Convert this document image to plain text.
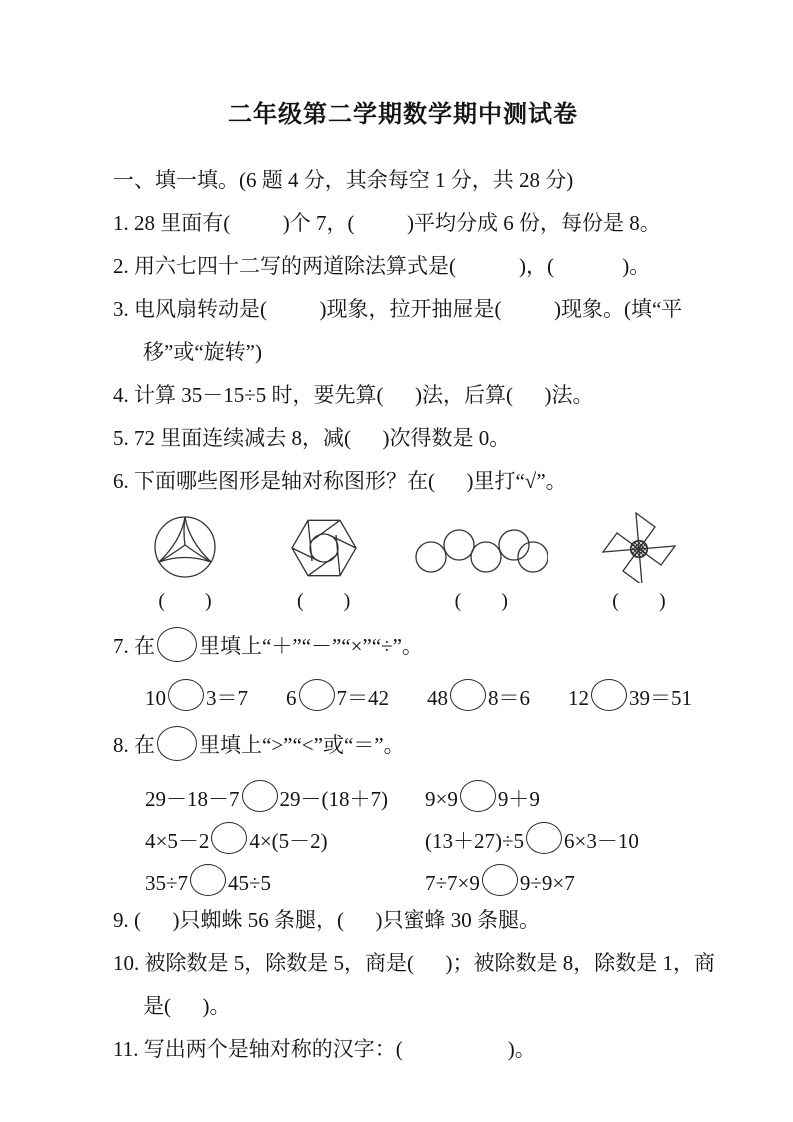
二年级第二学期数学期中测试卷

一、填一填。(6 题 4 分，其余每空 1 分，共 28 分)

1. 28 里面有(          )个 7，(          )平均分成 6 份，每份是 8。

2. 用六七四十二写的两道除法算式是(            )，(             )。

3. 电风扇转动是(          )现象，拉开抽屉是(          )现象。(填“平

移”或“旋转”)

4. 计算 35－15÷5 时，要先算(      )法，后算(      )法。

5. 72 里面连续减去 8，减(      )次得数是 0。

6. 下面哪些图形是轴对称图形？在(      )里打“√”。

(        )	(        )	(        )	(        )

7. 在 里填上“＋”“－”“×”“÷”。

10 3＝7 6 7＝42 48 8＝6 12 39＝51

8. 在 里填上“>”“<”或“＝”。

29－18－7 29－(18＋7)	9×9 9＋9
4×5－2 4×(5－2)	(13＋27)÷5 6×3－10
35÷7 45÷5	7÷7×9 9÷9×7

9. (      )只蜘蛛 56 条腿，(      )只蜜蜂 30 条腿。

10. 被除数是 5，除数是 5，商是(      )；被除数是 8，除数是 1，商

是(      )。

11. 写出两个是轴对称的汉字：(                    )。
